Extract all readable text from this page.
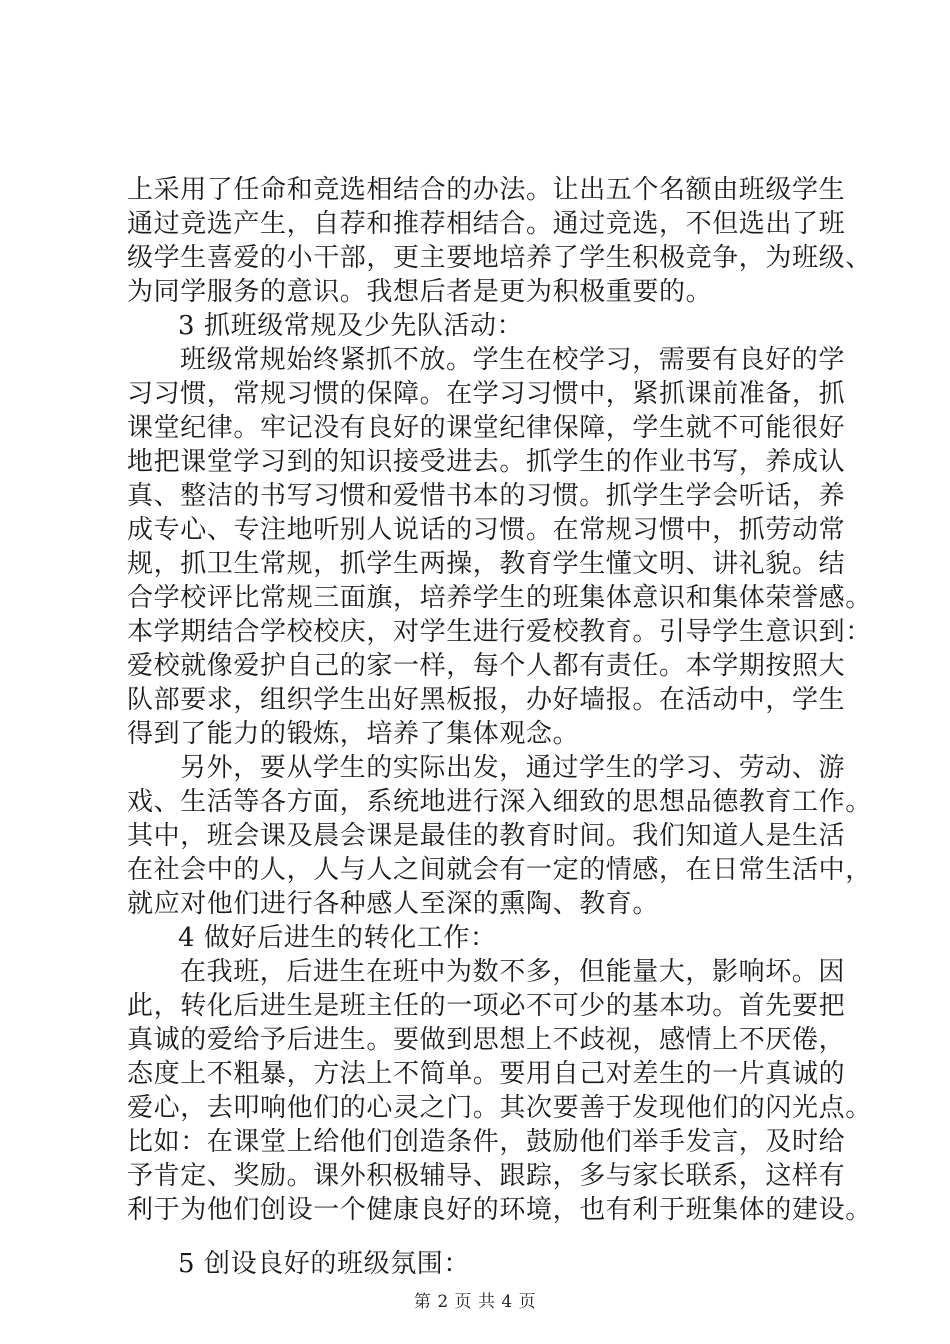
上采用了任命和竞选相结合的办法。让出五个名额由班级学生
通过竞选产生，自荐和推荐相结合。通过竞选，不但选出了班
级学生喜爱的小干部，更主要地培养了学生积极竞争，为班级、
为同学服务的意识。我想后者是更为积极重要的。
3 抓班级常规及少先队活动：
班级常规始终紧抓不放。学生在校学习，需要有良好的学
习习惯，常规习惯的保障。在学习习惯中，紧抓课前准备，抓
课堂纪律。牢记没有良好的课堂纪律保障，学生就不可能很好
地把课堂学习到的知识接受进去。抓学生的作业书写，养成认
真、整洁的书写习惯和爱惜书本的习惯。抓学生学会听话，养
成专心、专注地听别人说话的习惯。在常规习惯中，抓劳动常
规，抓卫生常规，抓学生两操，教育学生懂文明、讲礼貌。结
合学校评比常规三面旗，培养学生的班集体意识和集体荣誉感。
本学期结合学校校庆，对学生进行爱校教育。引导学生意识到：
爱校就像爱护自己的家一样，每个人都有责任。本学期按照大
队部要求，组织学生出好黑板报，办好墙报。在活动中，学生
得到了能力的锻炼，培养了集体观念。
另外，要从学生的实际出发，通过学生的学习、劳动、游
戏、生活等各方面，系统地进行深入细致的思想品德教育工作。
其中，班会课及晨会课是最佳的教育时间。我们知道人是生活
在社会中的人，人与人之间就会有一定的情感，在日常生活中，
就应对他们进行各种感人至深的熏陶、教育。
4 做好后进生的转化工作：
在我班，后进生在班中为数不多，但能量大，影响坏。因
此，转化后进生是班主任的一项必不可少的基本功。首先要把
真诚的爱给予后进生。要做到思想上不歧视，感情上不厌倦，
态度上不粗暴，方法上不简单。要用自己对差生的一片真诚的
爱心，去叩响他们的心灵之门。其次要善于发现他们的闪光点。
比如：在课堂上给他们创造条件，鼓励他们举手发言，及时给
予肯定、奖励。课外积极辅导、跟踪，多与家长联系，这样有
利于为他们创设一个健康良好的环境，也有利于班集体的建设。
5 创设良好的班级氛围：
第 2 页 共 4 页
